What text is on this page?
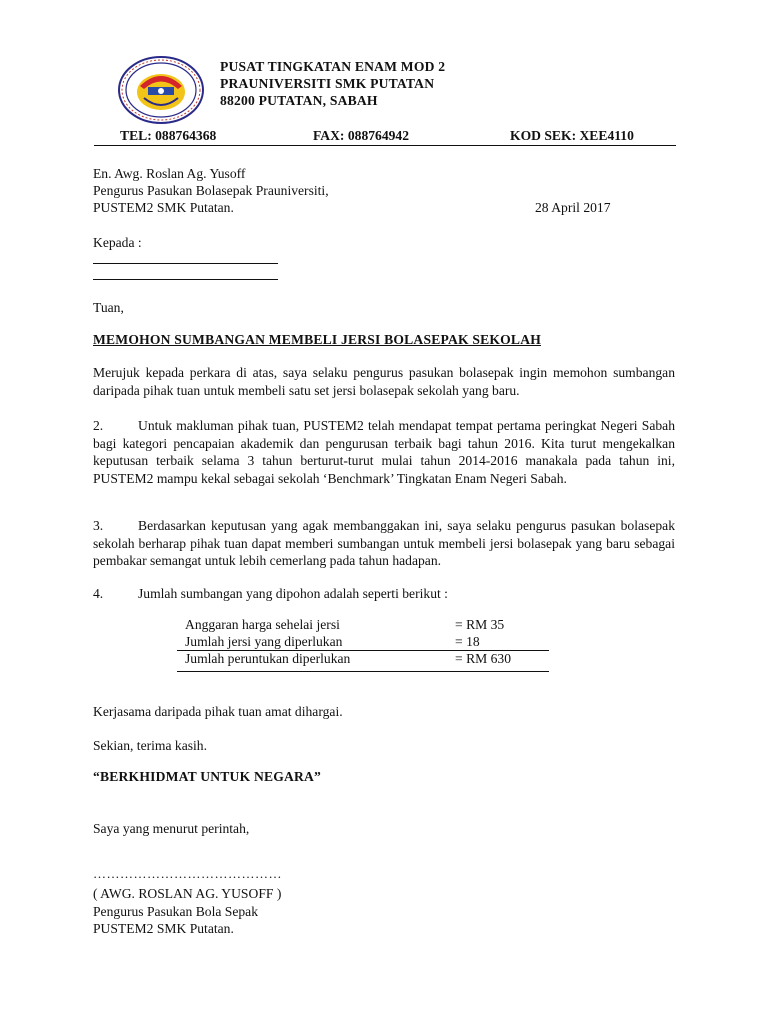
PUSAT TINGKATAN ENAM MOD 2
PRAUNIVERSITI SMK PUTATAN
88200 PUTATAN, SABAH
TEL: 088764368	FAX: 088764942	KOD SEK: XEE4110
En. Awg. Roslan Ag. Yusoff
Pengurus Pasukan Bolasepak Prauniversiti,
PUSTEM2 SMK Putatan.	28 April 2017
Kepada :
Tuan,
MEMOHON SUMBANGAN MEMBELI JERSI BOLASEPAK SEKOLAH
Merujuk kepada perkara di atas, saya selaku pengurus pasukan bolasepak ingin memohon sumbangan daripada pihak tuan untuk membeli satu set jersi bolasepak sekolah yang baru.
2.	Untuk makluman pihak tuan, PUSTEM2 telah mendapat tempat pertama peringkat Negeri Sabah bagi kategori pencapaian akademik dan pengurusan terbaik bagi tahun 2016. Kita turut mengekalkan keputusan terbaik selama 3 tahun berturut-turut mulai tahun 2014-2016 manakala pada tahun ini, PUSTEM2 mampu kekal sebagai sekolah ‘Benchmark’ Tingkatan Enam Negeri Sabah.
3.	Berdasarkan keputusan yang agak membanggakan ini, saya selaku pengurus pasukan bolasepak sekolah berharap pihak tuan dapat memberi sumbangan untuk membeli jersi bolasepak yang baru sebagai pembakar semangat untuk lebih cemerlang pada tahun hadapan.
4.	Jumlah sumbangan yang dipohon adalah seperti berikut :
Anggaran harga sehelai jersi	= RM 35
Jumlah jersi yang diperlukan	= 18
Jumlah peruntukan diperlukan	= RM 630
Kerjasama daripada pihak tuan amat dihargai.
Sekian, terima kasih.
“BERKHIDMAT UNTUK NEGARA”
Saya yang menurut perintah,
……………………………………
( AWG. ROSLAN AG. YUSOFF )
Pengurus Pasukan Bola Sepak
PUSTEM2 SMK Putatan.
